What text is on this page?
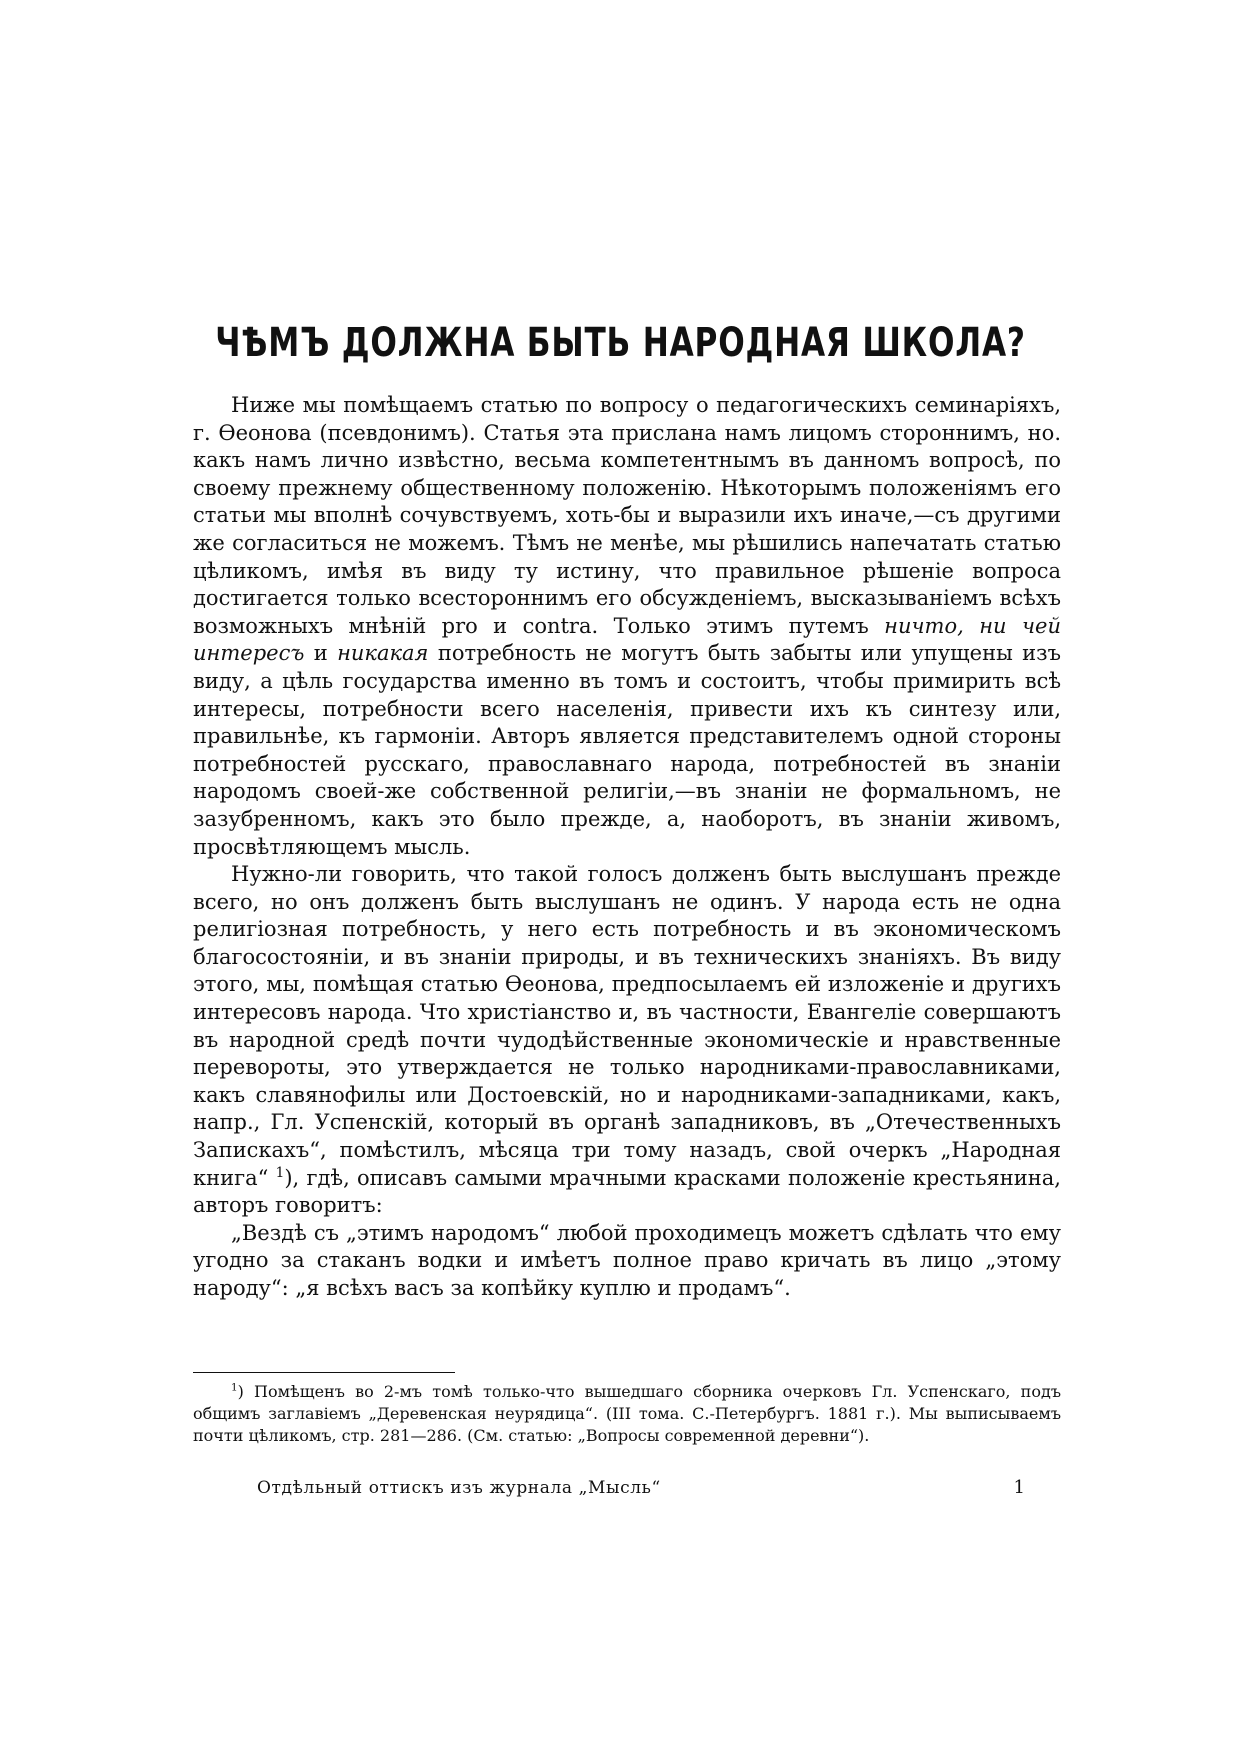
ЧѢМЪ ДОЛЖНА БЫТЬ НАРОДНАЯ ШКОЛА?

Ниже мы помѣщаемъ статью по вопросу о педагогическихъ семинаріяхъ, г. Ѳеонова (псевдонимъ). Статья эта прислана намъ лицомъ стороннимъ, но. какъ намъ лично извѣстно, весьма компетентнымъ въ данномъ вопросѣ, по своему прежнему общественному положенію. Нѣкоторымъ положеніямъ его статьи мы вполнѣ сочувствуемъ, хоть-бы и выразили ихъ иначе,—съ другими же согласиться не можемъ. Тѣмъ не менѣе, мы рѣшились напечатать статью цѣликомъ, имѣя въ виду ту истину, что правильное рѣшеніе вопроса достигается только всестороннимъ его обсужденіемъ, высказываніемъ всѣхъ возможныхъ мнѣній pro и contra. Только этимъ путемъ ничто, ни чей интересъ и никакая потребность не могутъ быть забыты или упущены изъ виду, а цѣль государства именно въ томъ и состоитъ, чтобы примирить всѣ интересы, потребности всего населенія, привести ихъ къ синтезу или, правильнѣе, къ гармоніи. Авторъ является представителемъ одной стороны потребностей русскаго, православнаго народа, потребностей въ знаніи народомъ своей-же собственной религіи,—въ знаніи не формальномъ, не зазубренномъ, какъ это было прежде, а, наоборотъ, въ знаніи живомъ, просвѣтляющемъ мысль.

Нужно-ли говорить, что такой голосъ долженъ быть выслушанъ прежде всего, но онъ долженъ быть выслушанъ не одинъ. У народа есть не одна религіозная потребность, у него есть потребность и въ экономическомъ благосостояніи, и въ знаніи природы, и въ техническихъ знаніяхъ. Въ виду этого, мы, помѣщая статью Ѳеонова, предпосылаемъ ей изложеніе и другихъ интересовъ народа. Что христіанство и, въ частности, Евангеліе совершаютъ въ народной средѣ почти чудодѣйственные экономическіе и нравственные перевороты, это утверждается не только народниками-православниками, какъ славянофилы или Достоевскій, но и народниками-западниками, какъ, напр., Гл. Успенскій, который въ органѣ западниковъ, въ „Отечественныхъ Запискахъ“, помѣстилъ, мѣсяца три тому назадъ, свой очеркъ „Народная книга“ $^1$), гдѣ, описавъ самыми мрачными красками положеніе крестьянина, авторъ говоритъ:

„Вездѣ съ „этимъ народомъ“ любой проходимецъ можетъ сдѣлать что ему угодно за стаканъ водки и имѣетъ полное право кричать въ лицо „этому народу“: „я всѣхъ васъ за копѣйку куплю и продамъ“.

$^1$) Помѣщенъ во 2-мъ томѣ только-что вышедшаго сборника очерковъ Гл. Успенскаго, подъ общимъ заглавіемъ „Деревенская неурядица“. (III тома. С.-Петербургъ. 1881 г.). Мы выписываемъ почти цѣликомъ, стр. 281—286. (См. статью: „Вопросы современной деревни“).

Отдѣльный оттискъ изъ журнала „Мысль“	1
